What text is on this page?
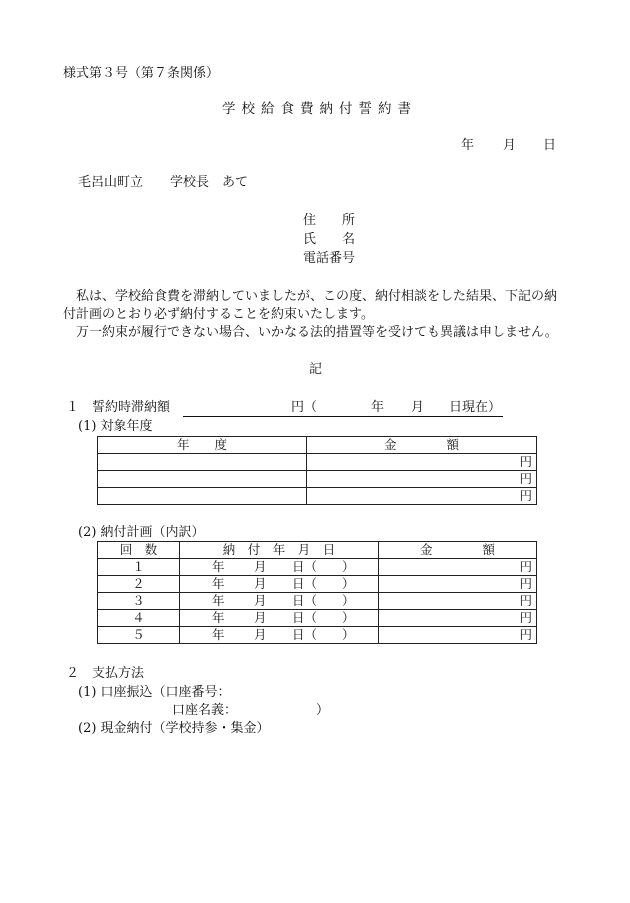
様式第３号（第７条関係）
学校給食費納付誓約書
年 月 日
毛呂山町立 学校長　あて
住　　所
氏　　名
電話番号
私は、学校給食費を滞納していましたが、この度、納付相談をした結果、下記の納
付計画のとおり必ず納付することを約束いたします。
万一約束が履行できない場合、いかなる法的措置等を受けても異議は申しません。
記
１　誓約時滞納額	円（	年 月 日現在）
(1) 対象年度
年　　度	金　　　　額
	円
	円
	円
(2) 納付計画（内訳）
回　数	納　付　年　月　日	金　　　　額
１	年 月 日（ ）	円
２	年 月 日（ ）	円
３	年 月 日（ ）	円
４	年 月 日（ ）	円
５	年 月 日（ ）	円
２　支払方法
(1) 口座振込（口座番号：
口座名義：	）
(2) 現金納付（学校持参・集金）
